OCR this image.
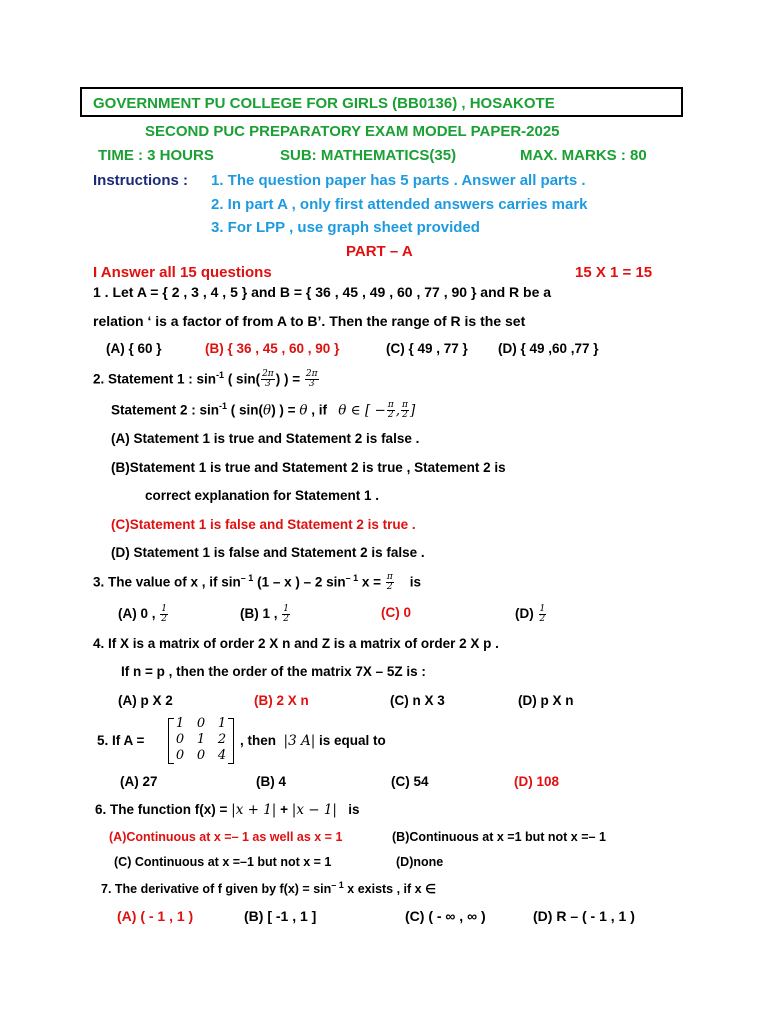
GOVERNMENT PU COLLEGE FOR GIRLS (BB0136) , HOSAKOTE
SECOND PUC PREPARATORY EXAM MODEL PAPER-2025
TIME : 3 HOURS	SUB: MATHEMATICS(35)	MAX. MARKS : 80
Instructions : 1. The question paper has 5 parts . Answer all parts .
2. In part A , only first attended answers carries mark
3. For LPP , use graph sheet provided
PART – A
I Answer all 15 questions	15 X 1 = 15
1 . Let A = { 2 , 3 , 4 , 5 } and B = { 36 , 45 , 49 , 60 , 77 , 90 } and R be a
relation ‘ is a factor of from A to B’. Then the range of R is the set
(A) { 60 }	(B) { 36 , 45 , 60 , 90 }	(C) { 49 , 77 } (D) { 49 ,60 ,77 }
2. Statement 1 : $\sin^{-1}$ ( $\sin( \frac{2\pi}{3}$ ) ) = $\frac{2\pi}{3}$
Statement 2 : $\sin^{-1}$ ( sin(θ) ) = θ , if θ ∈ [ − $\frac{\pi}{2}$ , $\frac{\pi}{2}$ ]
(A) Statement 1 is true and Statement 2 is false .
(B)Statement 1 is true and Statement 2 is true , Statement 2 is
correct explanation for Statement 1 .
(C)Statement 1 is false and Statement 2 is true .
(D) Statement 1 is false and Statement 2 is false .
3. The value of x , if $\sin^{- 1} (1$ – x ) – 2 $\sin^{- 1} x = \frac{\pi}{2}$ is
(A) 0 , $\frac{1}{2}$	(B) 1 , $\frac{1}{2}$	(C) 0	$(D) \frac{1}{2}$
4. If X is a matrix of order 2 X n and Z is a matrix of order 2 X p .
If n = p , then the order of the matrix 7X – 5Z is :
(A) p X 2	(B) 2 X n	(C) n X 3	(D) p X n
5. If A =
1 0 1
0 1 2
0 0 4
, then |3 A| is equal to
(A) 27	(B) 4	(C) 54	(D) 108
6. The function f(x) = |x + 1| + |x − 1| is
(A)Continuous at x =– 1 as well as x = 1	(B)Continuous at x =1 but not x =– 1
(C) Continuous at x =–1 but not x = 1	(D)none
7. The derivative of f given by $f(x) = \sin^{- 1} x$ exists , if x ∈
(A) ( - 1 , 1 )	(B) [ -1 , 1 ]	(C) ( - ∞ , ∞ )	(D) R – ( - 1 , 1 )
